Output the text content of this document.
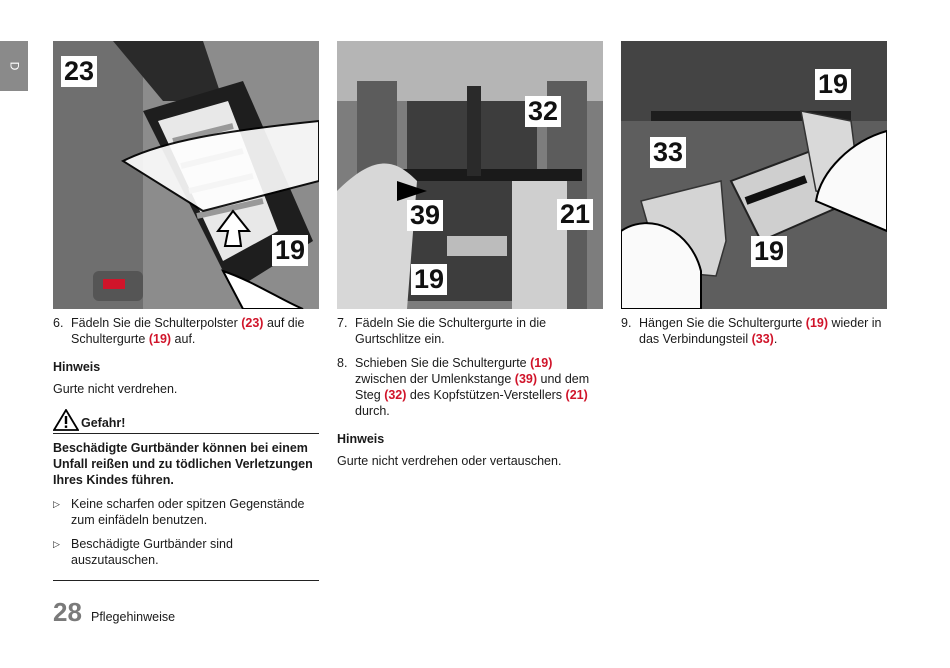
D 23
19
32
39	21
19
19
33
19
6. Fädeln Sie die Schulterpolster (23) auf die Schultergurte (19) auf.
Hinweis
Gurte nicht verdrehen.
Gefahr!
Beschädigte Gurtbänder können bei einem Unfall reißen und zu tödlichen Verletzungen Ihres Kindes führen.
▷ Keine scharfen oder spitzen Gegenstände zum einfädeln benutzen.
▷ Beschädigte Gurtbänder sind auszutauschen.
7. Fädeln Sie die Schultergurte in die Gurtschlitze ein.
8. Schieben Sie die Schultergurte (19) zwischen der Umlenkstange (39) und dem Steg (32) des Kopfstützen-Verstellers (21) durch.
Hinweis
Gurte nicht verdrehen oder vertauschen.
9. Hängen Sie die Schultergurte (19) wieder in das Verbindungsteil (33).
28 Pflegehinweise
